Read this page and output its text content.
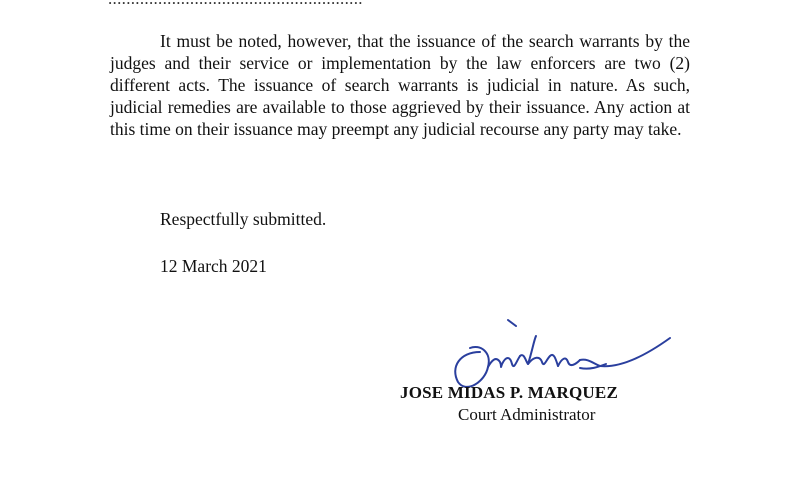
It must be noted, however, that the issuance of the search warrants by the judges and their service or implementation by the law enforcers are two (2) different acts. The issuance of search warrants is judicial in nature. As such, judicial remedies are available to those aggrieved by their issuance. Any action at this time on their issuance may preempt any judicial recourse any party may take.

Respectfully submitted.

12 March 2021

JOSE MIDAS P. MARQUEZ
Court Administrator
